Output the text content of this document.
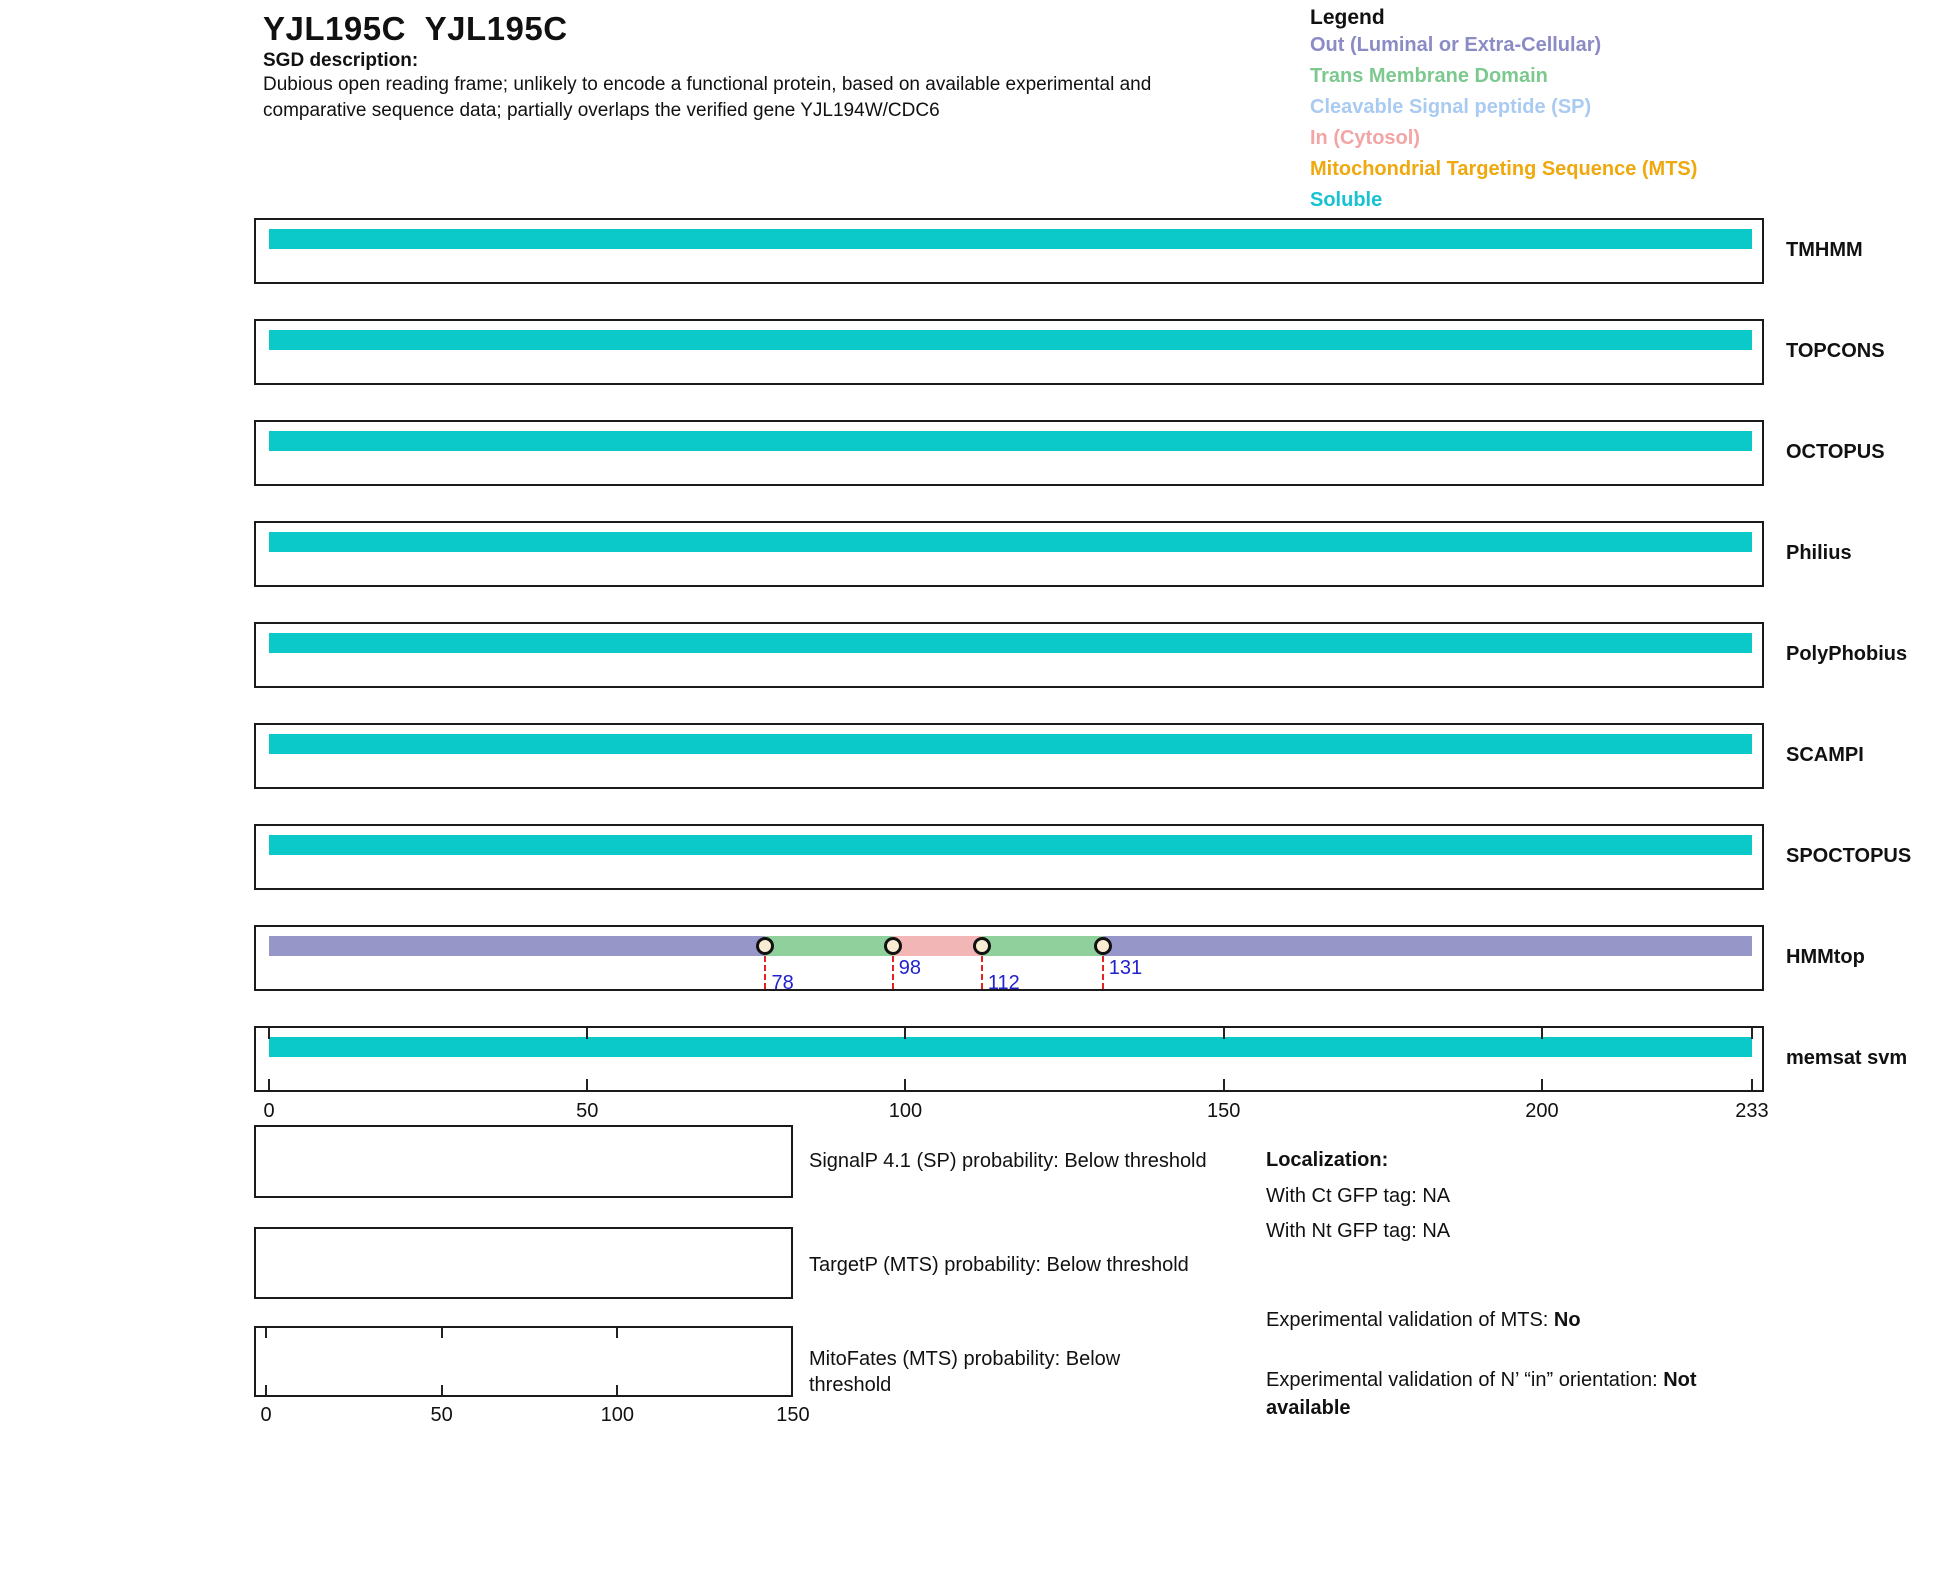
YJL195C  YJL195C
SGD description:
Dubious open reading frame; unlikely to encode a functional protein, based on available experimental and
comparative sequence data; partially overlaps the verified gene YJL194W/CDC6
Legend
Out (Luminal or Extra-Cellular)
Trans Membrane Domain
Cleavable Signal peptide (SP)
In (Cytosol)
Mitochondrial Targeting Sequence (MTS)
Soluble
TMHMM
TOPCONS
OCTOPUS
Philius
PolyPhobius
SCAMPI
SPOCTOPUS
78
98
112
131	HMMtop
memsat svm
0	50	100	150	200	233
0	50	100	150
SignalP 4.1 (SP) probability: Below threshold
TargetP (MTS) probability: Below threshold
MitoFates (MTS) probability: Below threshold
Localization:
With Ct GFP tag: NA
With Nt GFP tag: NA
Experimental validation of MTS: No
Experimental validation of N’ “in” orientation: Not available
